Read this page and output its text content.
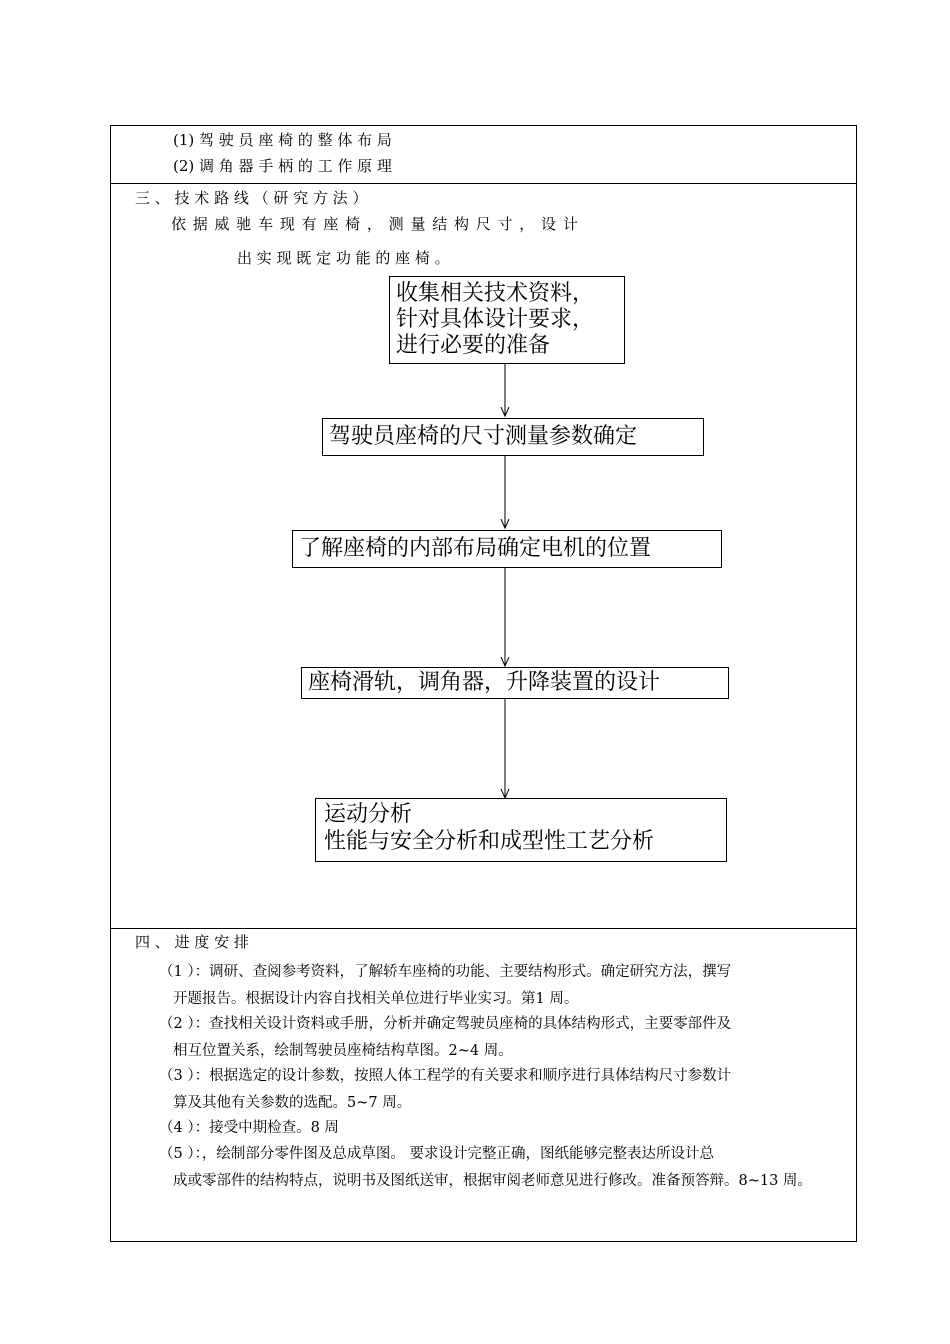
(1) 驾 驶 员 座 椅 的 整 体 布 局
(2) 调 角 器 手 柄 的 工 作 原 理
三 、 技 术 路 线 （ 研 究 方 法 ）
依 据 威 驰 车 现 有 座 椅 ， 测 量 结 构 尺 寸 ， 设 计
出 实 现 既 定 功 能 的 座 椅 。
收集相关技术资料，
针对具体设计要求，
进行必要的准备
驾驶员座椅的尺寸测量参数确定
了解座椅的内部布局确定电机的位置
座椅滑轨，调角器，升降装置的设计
运动分析
性能与安全分析和成型性工艺分析
四 、 进 度 安 排
（1 ）：调研、查阅参考资料，了解轿车座椅的功能、主要结构形式。确定研究方法，撰写
开题报告。根据设计内容自找相关单位进行毕业实习。第1 周。
（2 ）：查找相关设计资料或手册，分析并确定驾驶员座椅的具体结构形式，主要零部件及
相互位置关系，绘制驾驶员座椅结构草图。2~4 周。
（3 ）：根据选定的设计参数，按照人体工程学的有关要求和顺序进行具体结构尺寸参数计
算及其他有关参数的选配。5~7 周。
（4 ）：接受中期检查。8 周
（5 ）：，绘制部分零件图及总成草图。 要求设计完整正确，图纸能够完整表达所设计总
成或零部件的结构特点，说明书及图纸送审，根据审阅老师意见进行修改。准备预答辩。8~13 周。
